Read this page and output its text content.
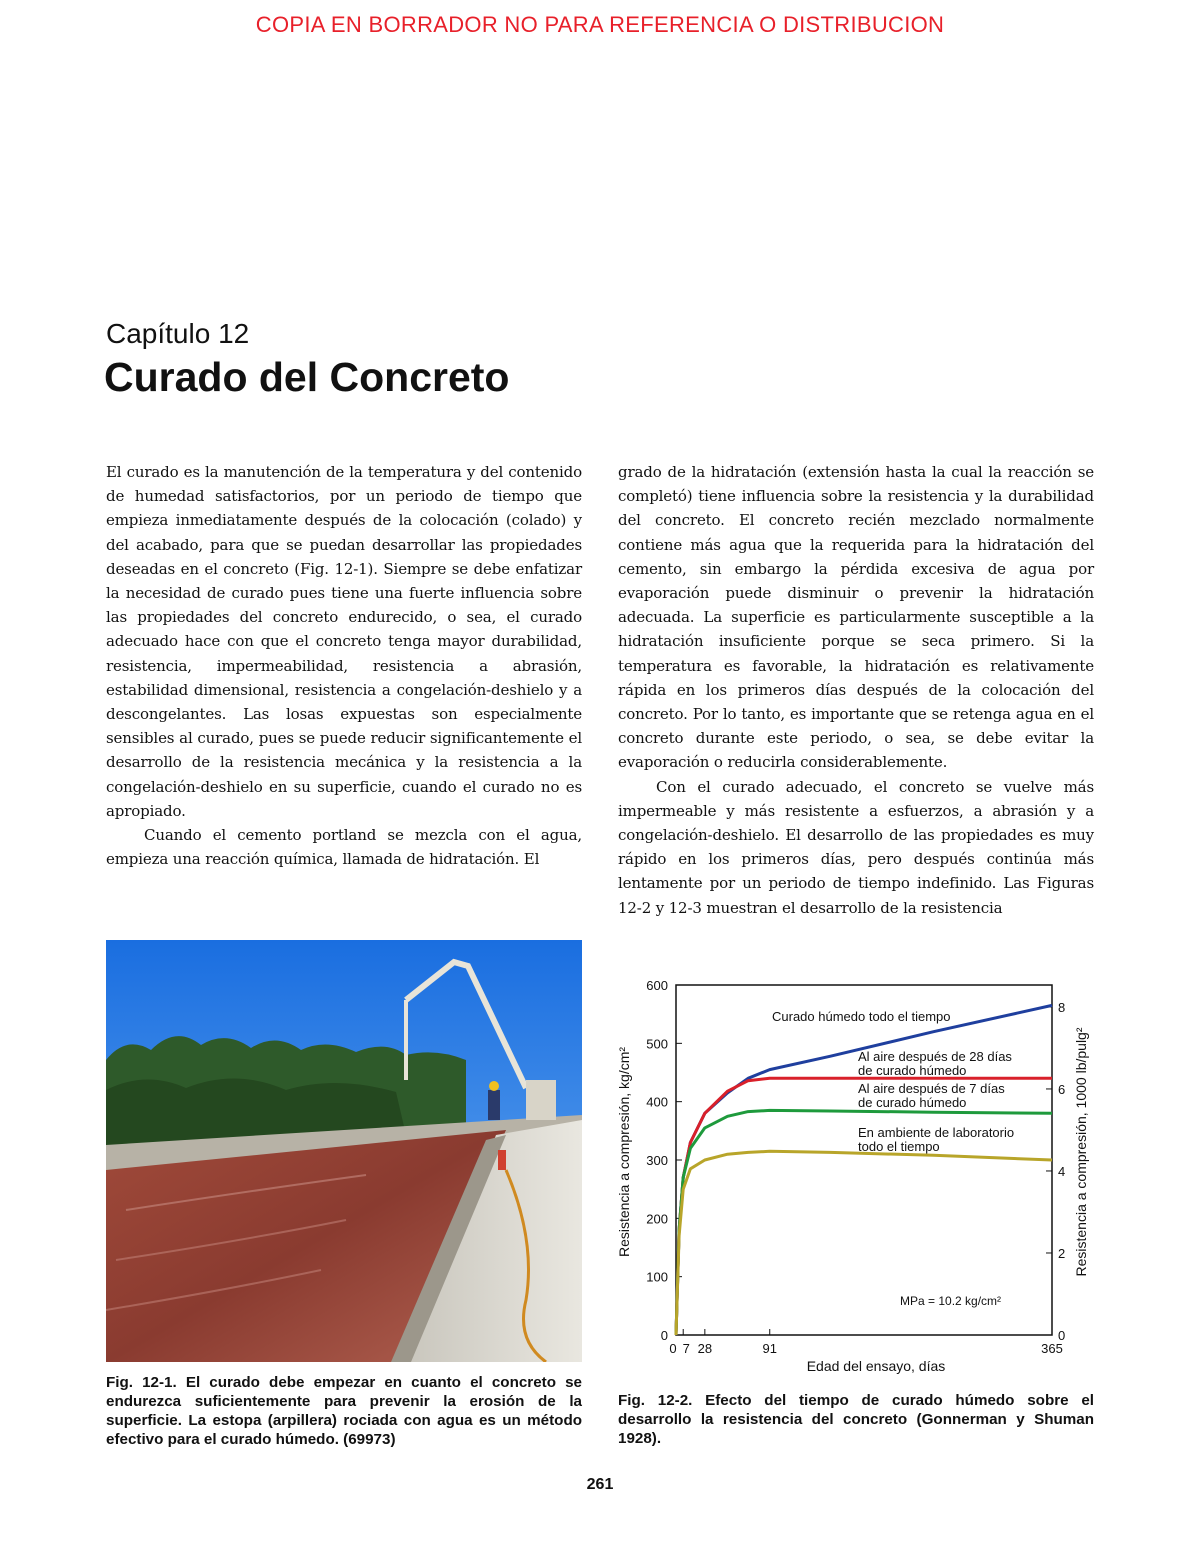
COPIA EN BORRADOR NO PARA REFERENCIA O DISTRIBUCION
Capítulo 12
Curado del Concreto

El curado es la manutención de la temperatura y del contenido de humedad satisfactorios, por un periodo de tiempo que empieza inmediatamente después de la colocación (colado) y del acabado, para que se puedan desarrollar las propiedades deseadas en el concreto (Fig. 12-1). Siempre se debe enfatizar la necesidad de curado pues tiene una fuerte influencia sobre las propiedades del concreto endurecido, o sea, el curado adecuado hace con que el concreto tenga mayor durabilidad, resistencia, impermeabilidad, resistencia a abrasión, estabilidad dimensional, resistencia a congelación-deshielo y a descongelantes. Las losas expuestas son especialmente sensibles al curado, pues se puede reducir significantemente el desarrollo de la resistencia mecánica y la resistencia a la congelación-deshielo en su superficie, cuando el curado no es apropiado.

Cuando el cemento portland se mezcla con el agua, empieza una reacción química, llamada de hidratación. El

grado de la hidratación (extensión hasta la cual la reacción se completó) tiene influencia sobre la resistencia y la durabilidad del concreto. El concreto recién mezclado normalmente contiene más agua que la requerida para la hidratación del cemento, sin embargo la pérdida excesiva de agua por evaporación puede disminuir o prevenir la hidratación adecuada. La superficie es particularmente susceptible a la hidratación insuficiente porque se seca primero. Si la temperatura es favorable, la hidratación es relativamente rápida en los primeros días después de la colocación del concreto. Por lo tanto, es importante que se retenga agua en el concreto durante este periodo, o sea, se debe evitar la evaporación o reducirla considerablemente.

Con el curado adecuado, el concreto se vuelve más impermeable y más resistente a esfuerzos, a abrasión y a congelación-deshielo. El desarrollo de las propiedades es muy rápido en los primeros días, pero después continúa más lentamente por un periodo de tiempo indefinido. Las Figuras 12-2 y 12-3 muestran el desarrollo de la resistencia

Fig. 12-1. El curado debe empezar en cuanto el concreto se endurezca suficientemente para prevenir la erosión de la superficie. La estopa (arpillera) rociada con agua es un método efectivo para el curado húmedo. (69973)
0
100
200
300
400
500
600
0
2
4
6
8
0 7 28	91	365
Curado húmedo todo el tiempo
Al aire después de 28 días de curado húmedo
Al aire después de 7 días de curado húmedo
En ambiente de laboratorio todo el tiempo
MPa = 10.2 kg/cm²
Edad del ensayo, días
Resistencia a compresión, kg/cm²	Resistencia a compresión, 1000 lb/pulg²
Fig. 12-2. Efecto del tiempo de curado húmedo sobre el desarrollo la resistencia del concreto (Gonnerman y Shuman 1928).
261
